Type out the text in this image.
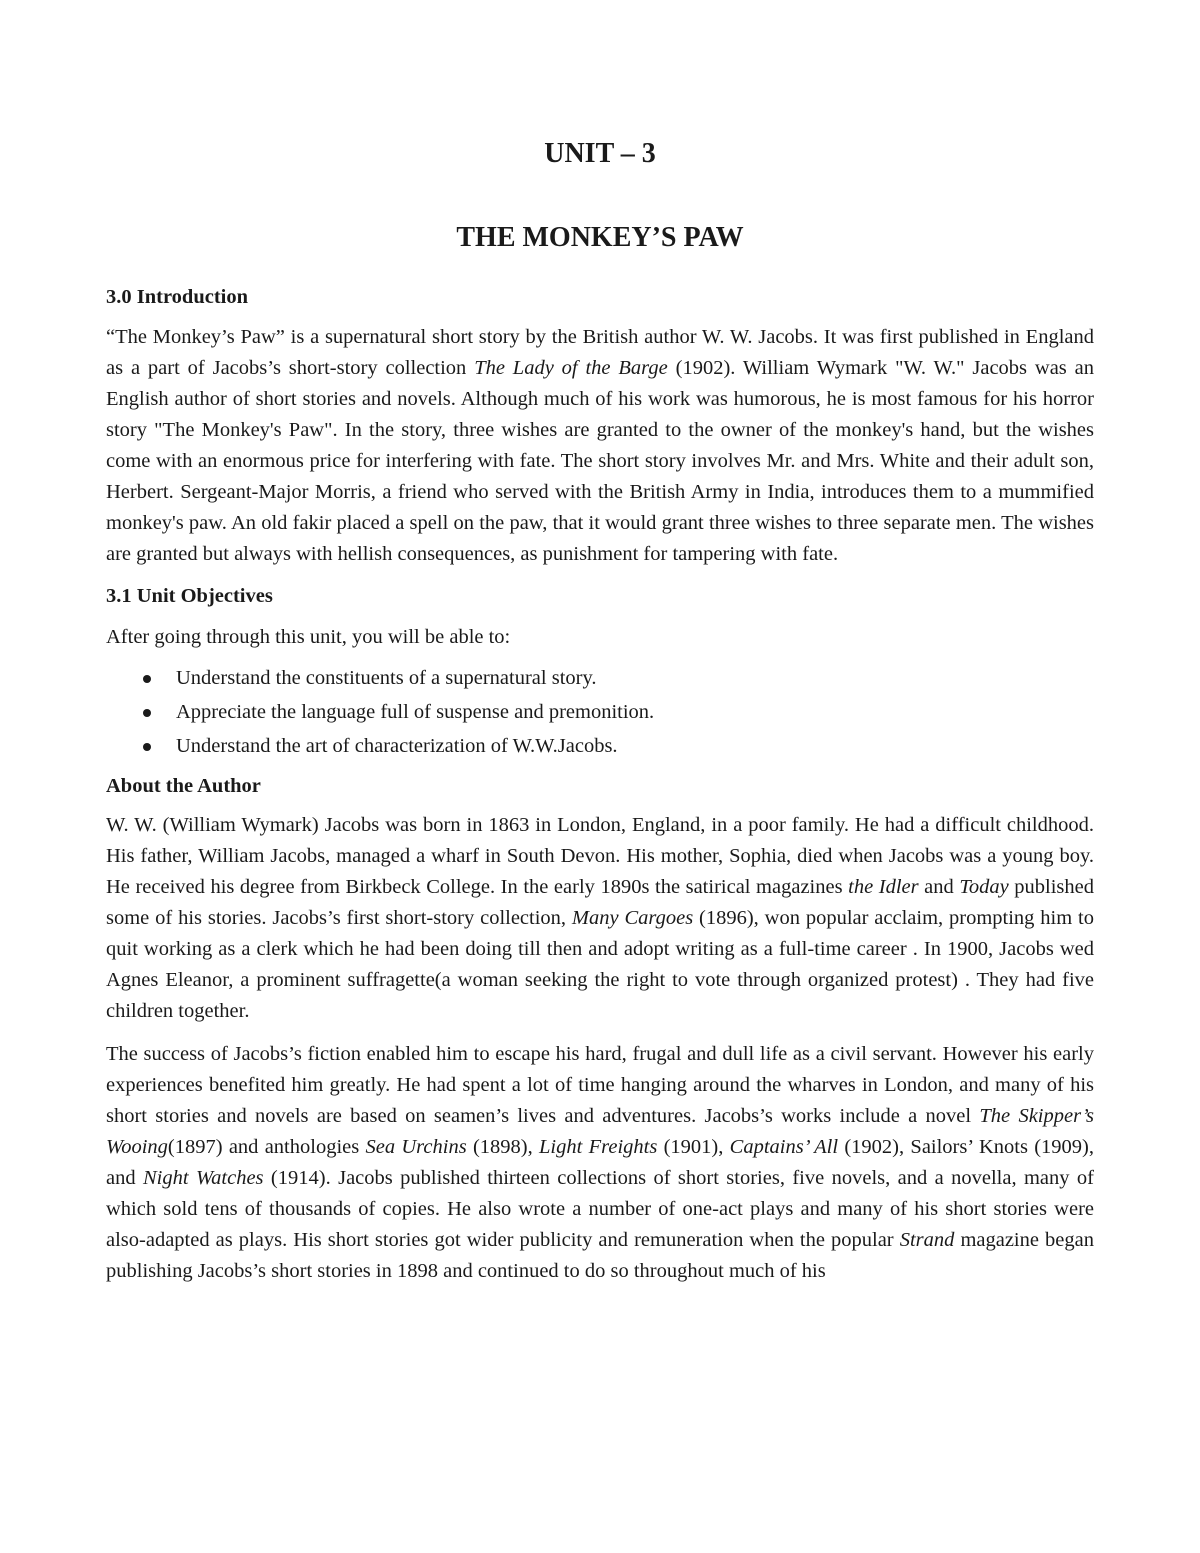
UNIT – 3
THE MONKEY’S PAW
3.0 Introduction

“The Monkey’s Paw” is a supernatural short story by the British author W. W. Jacobs. It was first published in England as a part of Jacobs’s short-story collection The Lady of the Barge (1902). William Wymark "W. W." Jacobs was an English author of short stories and novels. Although much of his work was humorous, he is most famous for his horror story "The Monkey's Paw". In the story, three wishes are granted to the owner of the monkey's hand, but the wishes come with an enormous price for interfering with fate. The short story involves Mr. and Mrs. White and their adult son, Herbert. Sergeant-Major Morris, a friend who served with the British Army in India, introduces them to a mummified monkey's paw. An old fakir placed a spell on the paw, that it would grant three wishes to three separate men. The wishes are granted but always with hellish consequences, as punishment for tampering with fate.

3.1 Unit Objectives

After going through this unit, you will be able to:

Understand the constituents of a supernatural story.
Appreciate the language full of suspense and premonition.
Understand the art of characterization of W.W.Jacobs.
About the Author

W. W. (William Wymark) Jacobs was born in 1863 in London, England, in a poor family. He had a difficult childhood. His father, William Jacobs, managed a wharf in South Devon. His mother, Sophia, died when Jacobs was a young boy. He received his degree from Birkbeck College. In the early 1890s the satirical magazines the Idler and Today published some of his stories. Jacobs’s first short-story collection, Many Cargoes (1896), won popular acclaim, prompting him to quit working as a clerk which he had been doing till then and adopt writing as a full-time career . In 1900, Jacobs wed Agnes Eleanor, a prominent suffragette(a woman seeking the right to vote through organized protest) . They had five children together.

The success of Jacobs’s fiction enabled him to escape his hard, frugal and dull life as a civil servant. However his early experiences benefited him greatly. He had spent a lot of time hanging around the wharves in London, and many of his short stories and novels are based on seamen’s lives and adventures. Jacobs’s works include a novel The Skipper’s Wooing(1897) and anthologies Sea Urchins (1898), Light Freights (1901), Captains’ All (1902), Sailors’ Knots (1909), and Night Watches (1914). Jacobs published thirteen collections of short stories, five novels, and a novella, many of which sold tens of thousands of copies. He also wrote a number of one-act plays and many of his short stories were also-adapted as plays. His short stories got wider publicity and remuneration when the popular Strand magazine began publishing Jacobs’s short stories in 1898 and continued to do so throughout much of his
